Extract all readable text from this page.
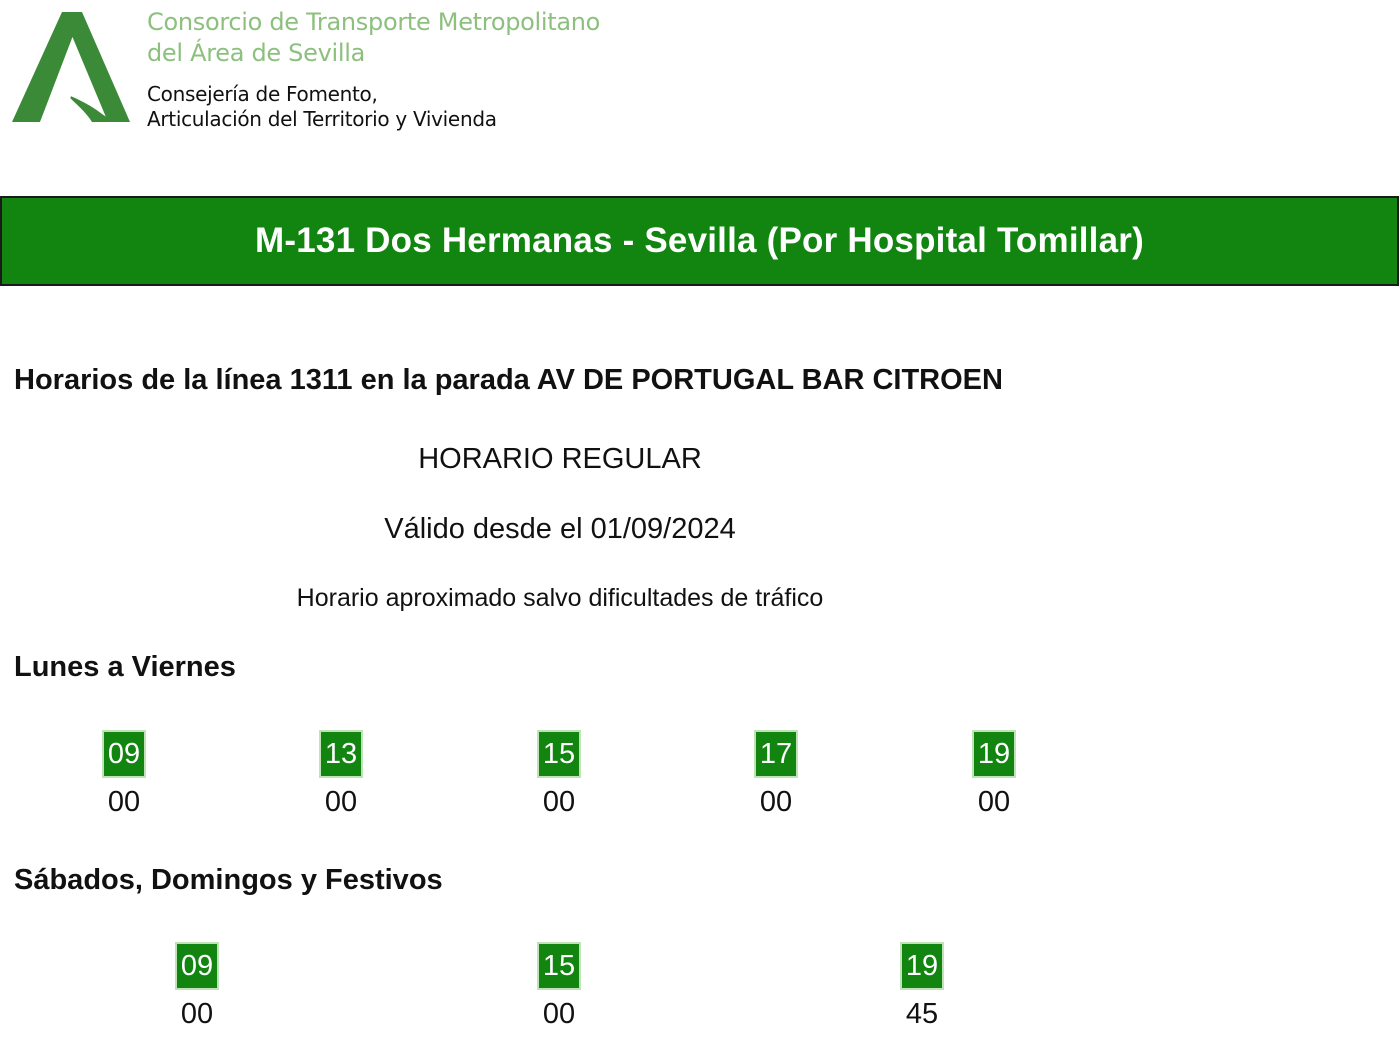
Consorcio de Transporte Metropolitano
del Área de Sevilla
Consejería de Fomento,
Articulación del Territorio y Vivienda
M-131 Dos Hermanas - Sevilla (Por Hospital Tomillar)
Horarios de la línea 1311 en la parada AV DE PORTUGAL BAR CITROEN
HORARIO REGULAR
Válido desde el 01/09/2024
Horario aproximado salvo dificultades de tráfico
Lunes a Viernes
09
00
13
00
15
00
17
00
19
00
Sábados, Domingos y Festivos
09
00
15
00
19
45
